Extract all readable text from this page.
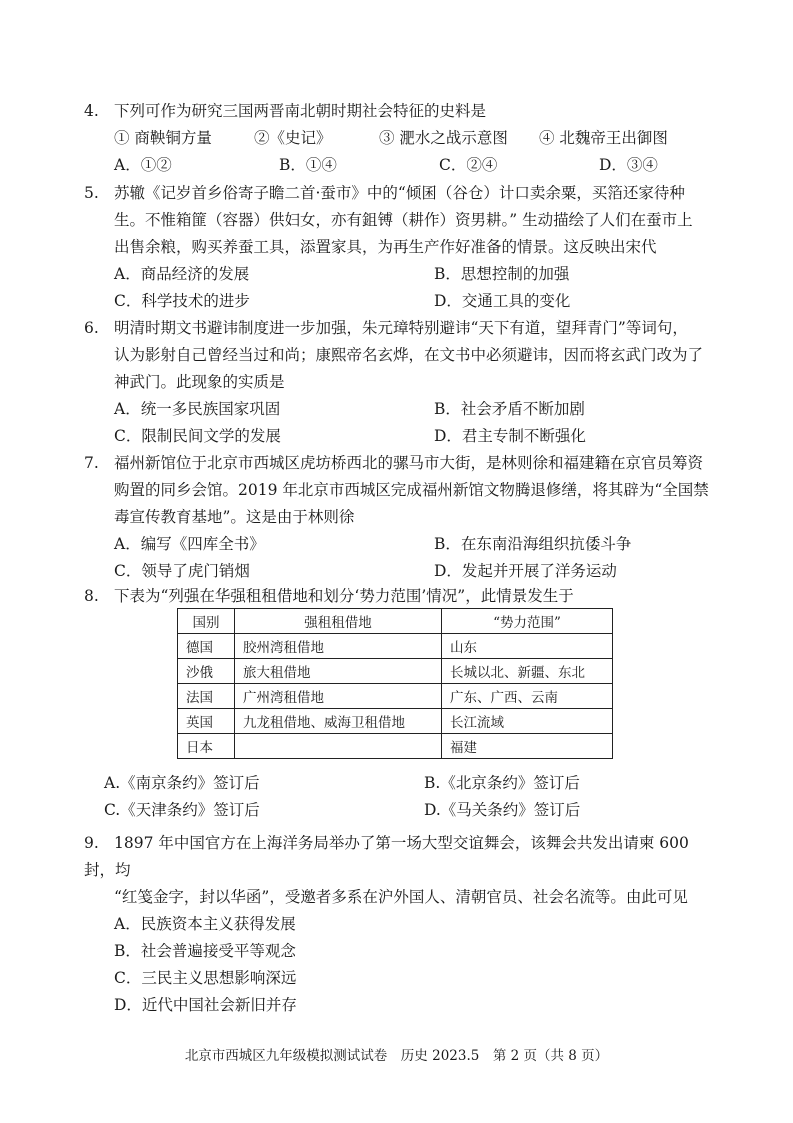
4. 下列可作为研究三国两晋南北朝时期社会特征的史料是

① 商鞅铜方量	②《史记》	③ 淝水之战示意图	④ 北魏帝王出御图
A．①②	B．①④	C．②④	D．③④

5. 苏辙《记岁首乡俗寄子瞻二首·蚕市》中的“倾囷（谷仓）计口卖余粟，买箔还家待种

生。不惟箱篚（容器）供妇女，亦有鉏镈（耕作）资男耕。” 生动描绘了人们在蚕市上

出售余粮，购买养蚕工具，添置家具，为再生产作好准备的情景。这反映出宋代

A．商品经济的发展	B．思想控制的加强
C．科学技术的进步	D．交通工具的变化

6. 明清时期文书避讳制度进一步加强，朱元璋特别避讳“天下有道，望拜青门”等词句，

认为影射自己曾经当过和尚；康熙帝名玄烨，在文书中必须避讳，因而将玄武门改为了

神武门。此现象的实质是

A．统一多民族国家巩固	B．社会矛盾不断加剧
C．限制民间文学的发展	D．君主专制不断强化

7. 福州新馆位于北京市西城区虎坊桥西北的骡马市大街，是林则徐和福建籍在京官员筹资

购置的同乡会馆。2019 年北京市西城区完成福州新馆文物腾退修缮，将其辟为“全国禁

毒宣传教育基地”。这是由于林则徐

A．编写《四库全书》	B．在东南沿海组织抗倭斗争
C．领导了虎门销烟	D．发起并开展了洋务运动

8. 下表为“列强在华强租租借地和划分‘势力范围’情况”，此情景发生于

国别	强租租借地	“势力范围”
德国	胶州湾租借地	山东
沙俄	旅大租借地	长城以北、新疆、东北
法国	广州湾租借地	广东、广西、云南
英国	九龙租借地、威海卫租借地	长江流域
日本		福建
A.《南京条约》签订后	B.《北京条约》签订后
C.《天津条约》签订后	D.《马关条约》签订后

9. 1897 年中国官方在上海洋务局举办了第一场大型交谊舞会，该舞会共发出请柬 600 封，均

“红笺金字，封以华函”，受邀者多系在沪外国人、清朝官员、社会名流等。由此可见

A．民族资本主义获得发展
B．社会普遍接受平等观念
C．三民主义思想影响深远
D．近代中国社会新旧并存
北京市西城区九年级模拟测试试卷　历史 2023.5　第 2 页（共 8 页）
